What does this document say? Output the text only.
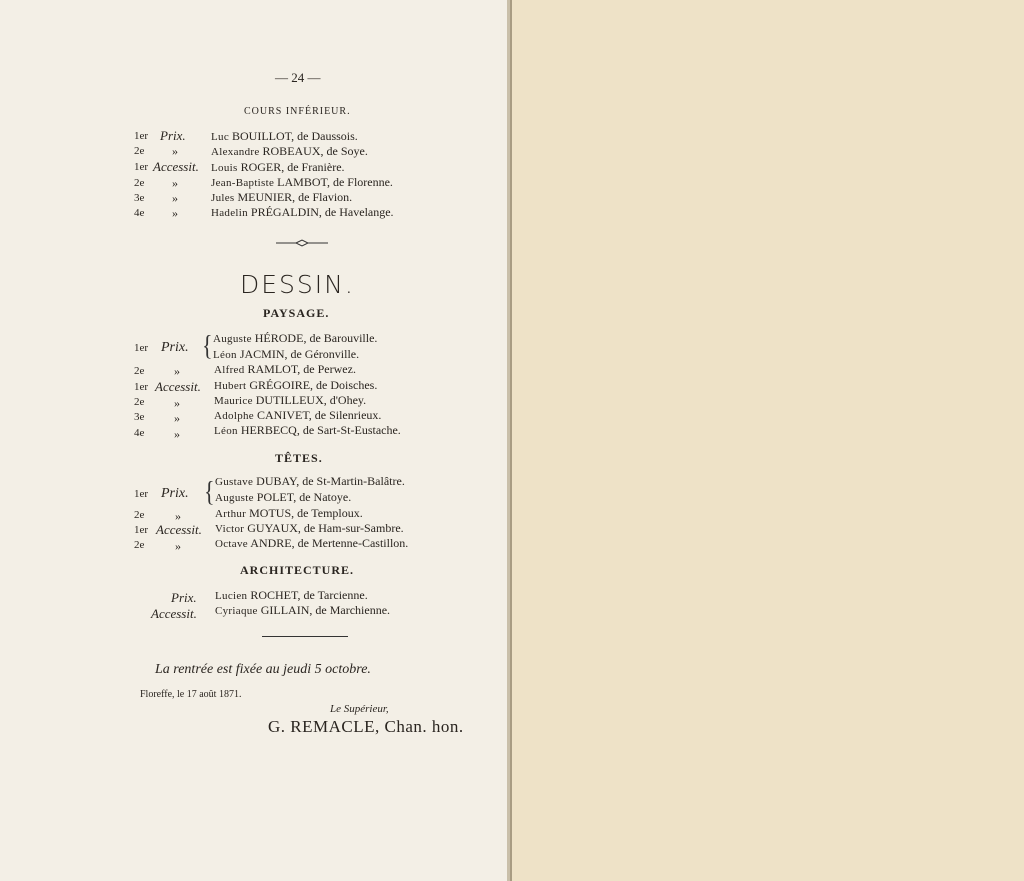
— 24 —
COURS INFÉRIEUR.
1er Prix. Luc BOUILLOT, de Daussois.
2e »	Alexandre ROBEAUX, de Soye.
1er Accessit. Louis ROGER, de Franière.
2e »	Jean-Baptiste LAMBOT, de Florenne.
3e »	Jules MEUNIER, de Flavion.
4e »	Hadelin PRÉGALDIN, de Havelange.
DESSIN.
PAYSAGE.
1er Prix. { Auguste HÉRODE, de Barouville.
Léon JACMIN, de Géronville.
2e »	Alfred RAMLOT, de Perwez.
1er Accessit. Hubert GRÉGOIRE, de Doisches.
2e »	Maurice DUTILLEUX, d'Ohey.
3e »	Adolphe CANIVET, de Silenrieux.
4e »	Léon HERBECQ, de Sart-St-Eustache.
TÊTES.
1er Prix. { Gustave DUBAY, de St-Martin-Balâtre.
Auguste POLET, de Natoye.
2e	»	Arthur MOTUS, de Temploux.
1er Accessit. Victor GUYAUX, de Ham-sur-Sambre.
2e	»	Octave ANDRE, de Mertenne-Castillon.
ARCHITECTURE.
Prix. Lucien ROCHET, de Tarcienne.
Accessit. Cyriaque GILLAIN, de Marchienne.
La rentrée est fixée au jeudi 5 octobre.
Floreffe, le 17 août 1871.
Le Supérieur,
G. REMACLE, Chan. hon.
